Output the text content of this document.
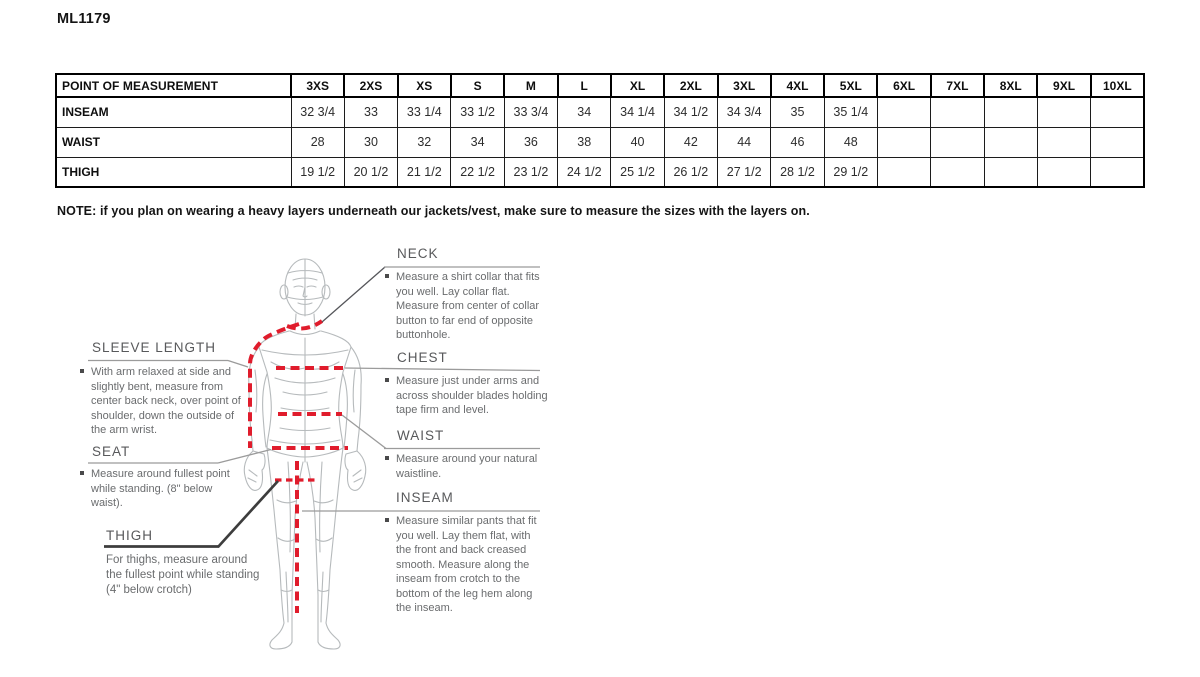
ML1179
POINT OF MEASUREMENT	3XS	2XS	XS	S	M	L	XL	2XL	3XL	4XL	5XL	6XL	7XL	8XL	9XL	10XL
INSEAM	32 3/4	33	33 1/4	33 1/2	33 3/4	34	34 1/4	34 1/2	34 3/4	35	35 1/4					
WAIST	28	30	32	34	36	38	40	42	44	46	48					
THIGH	19 1/2	20 1/2	21 1/2	22 1/2	23 1/2	24 1/2	25 1/2	26 1/2	27 1/2	28 1/2	29 1/2					
NOTE: if you plan on wearing a heavy layers underneath our jackets/vest, make sure to measure the sizes with the layers on.
NECK
Measure a shirt collar that fits you well. Lay collar flat. Measure from center of collar button to far end of opposite buttonhole.
CHEST
Measure just under arms and across shoulder blades holding tape firm and level.
WAIST
Measure around your natural waistline.
INSEAM
Measure similar pants that fit you well. Lay them flat, with the front and back creased smooth. Measure along the inseam from crotch to the bottom of the leg hem along the inseam.
SLEEVE LENGTH
With arm relaxed at side and slightly bent, measure from center back neck, over point of shoulder, down the outside of the arm wrist.
SEAT
Measure around fullest point while standing. (8" below waist).
THIGH
For thighs, measure around the fullest point while standing (4" below crotch)
